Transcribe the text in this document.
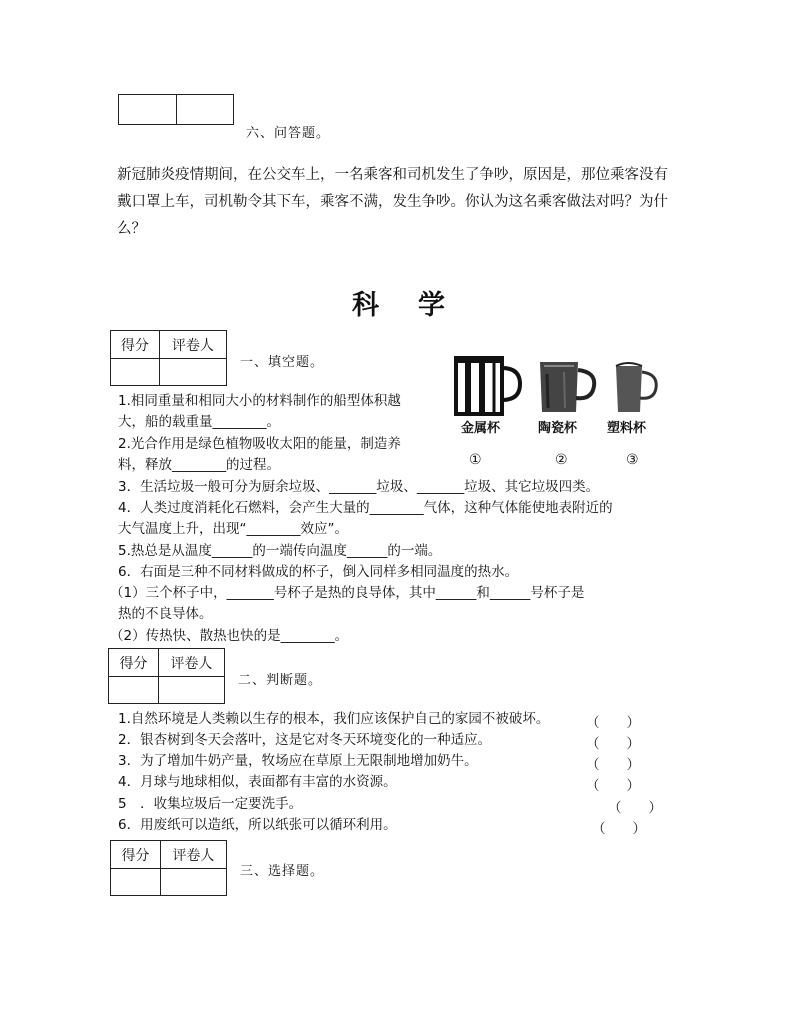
六、问答题。
新冠肺炎疫情期间，在公交车上，一名乘客和司机发生了争吵，原因是，那位乘客没有戴口罩上车，司机勒令其下车，乘客不满，发生争吵。你认为这名乘客做法对吗？为什么？
科　学
得分	评卷人

一、填空题。
金属杯	陶瓷杯 塑料杯
①	②	③
1.相同重量和相同大小的材料制作的船型体积越
大，船的载重量________。
2.光合作用是绿色植物吸收太阳的能量，制造养
料，释放________的过程。
3．生活垃圾一般可分为厨余垃圾、_______垃圾、_______垃圾、其它垃圾四类。
4．人类过度消耗化石燃料，会产生大量的________气体，这种气体能使地表附近的
大气温度上升，出现“________效应”。
5.热总是从温度______的一端传向温度______的一端。
6．右面是三种不同材料做成的杯子，倒入同样多相同温度的热水。
（1）三个杯子中，_______号杯子是热的良导体，其中______和______号杯子是
热的不良导体。
（2）传热快、散热也快的是________。
得分	评卷人

二、判断题。
1.自然环境是人类赖以生存的根本，我们应该保护自己的家园不被破坏。	（　　）
2．银杏树到冬天会落叶，这是它对冬天环境变化的一种适应。	（　　）
3．为了增加牛奶产量，牧场应在草原上无限制地增加奶牛。	（　　）
4．月球与地球相似，表面都有丰富的水资源。	（　　）
5　．收集垃圾后一定要洗手。	（　　）
6．用废纸可以造纸，所以纸张可以循环利用。	（　　）
得分	评卷人

三、选择题。
